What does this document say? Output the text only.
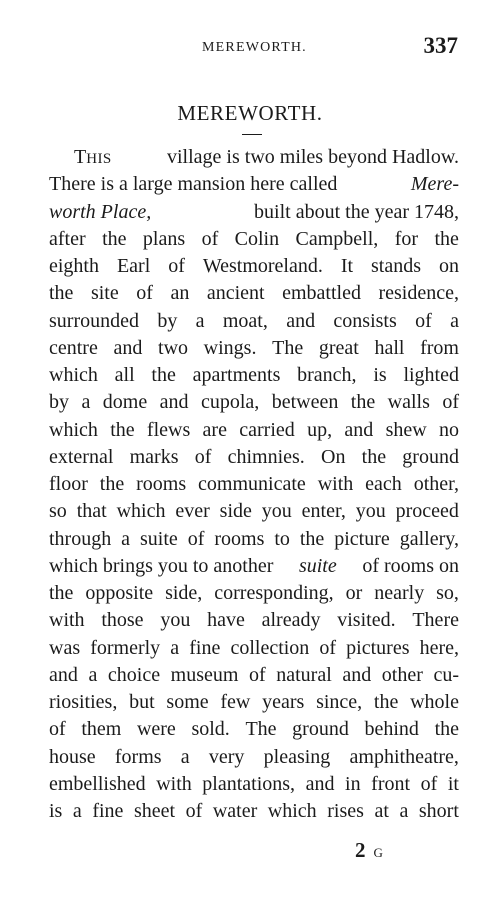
MEREWORTH.	337
MEREWORTH.
THIS	village is two miles beyond Hadlow.
There is a large mansion here called	Mere-
worth Place,	built about the year 1748,
after the plans of Colin Campbell, for the
eighth Earl of Westmoreland. It stands on
the site of an ancient embattled residence,
surrounded by a moat, and consists of a
centre and two wings. The great hall from
which all the apartments branch, is lighted
by a dome and cupola, between the walls of
which the flews are carried up, and shew no
external marks of chimnies. On the ground
floor the rooms communicate with each other,
so that which ever side you enter, you proceed
through a suite of rooms to the picture gallery,
which brings you to another suite of rooms on
the opposite side, corresponding, or nearly so,
with those you have already visited. There
was formerly a fine collection of pictures here,
and a choice museum of natural and other cu-
riosities, but some few years since, the whole
of them were sold. The ground behind the
house forms a very pleasing amphitheatre,
embellished with plantations, and in front of it
is a fine sheet of water which rises at a short
2 G
